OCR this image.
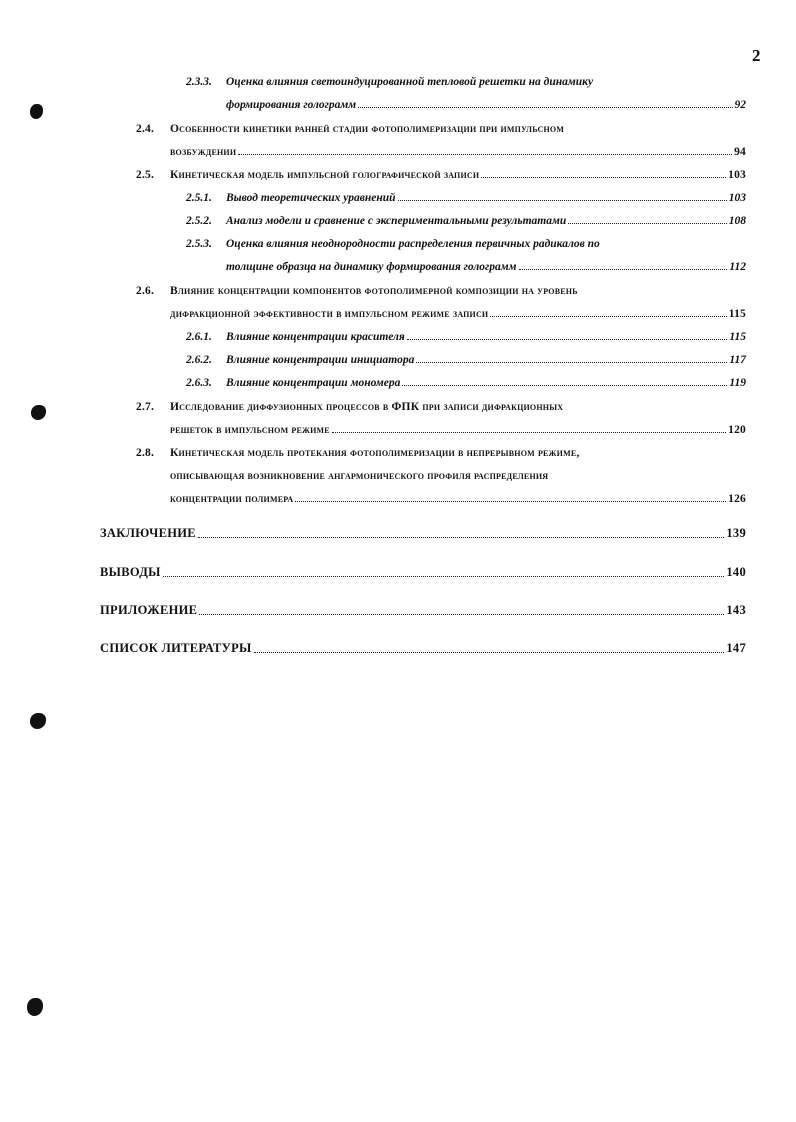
2
2.3.3.	Оценка влияния светоиндуцированной тепловой решетки на динамику
формирования голограмм	92
2.4.	Особенности кинетики ранней стадии фотополимеризации при импульсном
возбуждении	94
2.5.	Кинетическая модель импульсной голографической записи	103
2.5.1.	Вывод теоретических уравнений	103
2.5.2.	Анализ модели и сравнение с экспериментальными результатами	108
2.5.3.	Оценка влияния неоднородности распределения первичных радикалов по
толщине образца на динамику формирования голограмм	112
2.6.	Влияние концентрации компонентов фотополимерной композиции на уровень
дифракционной эффективности в импульсном режиме записи	115
2.6.1.	Влияние концентрации красителя	115
2.6.2.	Влияние концентрации инициатора	117
2.6.3.	Влияние концентрации мономера	119
2.7.	Исследование диффузионных процессов в ФПК при записи дифракционных
решеток в импульсном режиме	120
2.8.	Кинетическая модель протекания фотополимеризации в непрерывном режиме,
описывающая возникновение ангармонического профиля распределения
концентрации полимера	126
ЗАКЛЮЧЕНИЕ	139
ВЫВОДЫ	140
ПРИЛОЖЕНИЕ	143
СПИСОК ЛИТЕРАТУРЫ	147
